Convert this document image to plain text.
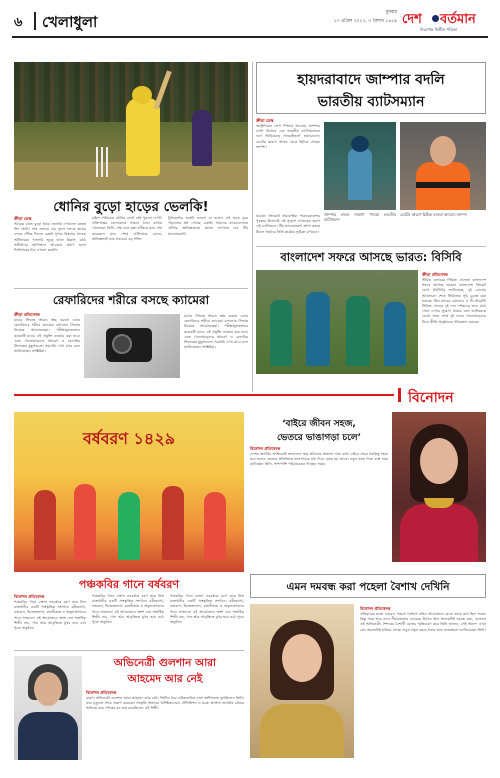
৬ খেলাধুলা
বুধবার
১৩ এপ্রিল ২০২২, ৩ বৈশাখ ১৪২৯ দেশ বর্তমান
নিরপেক্ষ নির্ভীক পত্রিকা
ধোনির বুড়ো হাড়ের ভেলকি!
ক্রীড়া ডেস্ক
আরেক রাতে বুড়ো হাড়ে ভেলকি দেখালেন মহেন্দ্র সিং ধোনি। শেষ ওভারে ঝড় তুলে দলকে জয়ের বন্দরে পৌঁছে দিলেন চেন্নাই সুপার কিংসের সাবেক অধিনায়ক। গ্যালারি জুড়ে তখন উল্লাস, মাঠে সতীর্থদের আলিঙ্গনে আবারও প্রমাণ হলো ফিনিশারের ধার এখনো কমেনি।
চল্লিশ পেরিয়েও ধোনির ব্যাটে সেই পুরনো দাপট। প্রতিপক্ষের বোলারদের সামনে ঠান্ডা মাথায় খেলেছেন তিনি, শেষ বলে ছক্কা হাঁকিয়ে ম্যাচ শেষ করেছেন। ম্যাচ শেষে অধিনায়ক বলেন, অভিজ্ঞতাই তার সবচেয়ে বড় শক্তি।
টুর্নামেন্টের শুরুটা ভালো না হলেও এই জয়ে ঘুরে দাঁড়ানোর স্বপ্ন দেখছে চেন্নাই। সামনের ম্যাচগুলোতে ধোনির অভিজ্ঞতাকে কাজে লাগাতে চায় টিম ম্যানেজমেন্ট।
রেফারিদের শরীরে বসছে ক্যামেরা
ক্রীড়া প্রতিবেদক
মাঠের সিদ্ধান্ত আরও স্বচ্ছ করতে এবার রেফারিদের শরীরে ক্যামেরা বসানোর সিদ্ধান্ত নিয়েছে আয়োজকরা। পরীক্ষামূলকভাবে কয়েকটি ম্যাচে এই প্রযুক্তি ব্যবহার করা হবে। এতে খেলোয়াড়দের আচরণ ও রেফারির সিদ্ধান্তের মুহূর্তগুলো সরাসরি দেখা যাবে বলে জানিয়েছেন সংশ্লিষ্টরা।
মাঠের সিদ্ধান্ত আরও স্বচ্ছ করতে এবার রেফারিদের শরীরে ক্যামেরা বসানোর সিদ্ধান্ত নিয়েছে আয়োজকরা। পরীক্ষামূলকভাবে কয়েকটি ম্যাচে এই প্রযুক্তি ব্যবহার করা হবে। এতে খেলোয়াড়দের আচরণ ও রেফারির সিদ্ধান্তের মুহূর্তগুলো সরাসরি দেখা যাবে বলে জানিয়েছেন সংশ্লিষ্টরা।
হায়দরাবাদে জাম্পার বদলি
ভারতীয় ব্যাটসম্যান
ক্রীড়া ডেস্ক
অস্ট্রেলিয়ান লেগ স্পিনার অ্যাডাম জাম্পার বদলি হিসেবে এক ভারতীয় ব্যাটসম্যানকে দলে ভিড়িয়েছে সানরাইজার্স হায়দরাবাদ। চোটের কারণে আসর থেকে ছিটকে গেছেন জাম্পা।
জাম্পার বদলে জায়গা পাওয়া ভারতীয় ব্যাটসম্যান
চোটের কারণে ছিটকে যাওয়া অ্যাডাম জাম্পা
ঘরোয়া ক্রিকেটে ধারাবাহিক পারফরম্যান্সের পুরস্কার হিসেবেই এই সুযোগ পেয়েছেন তরুণ এই ব্যাটসম্যান। টিম ম্যানেজমেন্ট আশা করছে মিডল অর্ডারে তিনি কার্যকর ভূমিকা রাখবেন।
বাংলাদেশ সফরে আসছে ভারত: বিসিবি
ক্রীড়া প্রতিবেদক
সীমিত ওভারের সিরিজ খেলতে বাংলাদেশ সফরে আসছে ভারত। বাংলাদেশ ক্রিকেট বোর্ড (বিসিবি) জানিয়েছে, দুই বোর্ডের আলোচনা শেষে সিরিজের সূচি চূড়ান্ত করা হয়েছে। তিন ম্যাচের ওয়ানডে ও টি-টোয়েন্টি সিরিজ খেলবে দুই দল। দর্শকদের জন্য মাঠে খেলা দেখার সুযোগ থাকবে বলে জানিয়েছে বোর্ড। সফর শেষে দুই দলের খেলোয়াড়দের নিয়ে প্রীতি অনুষ্ঠানের পরিকল্পনা রয়েছে।
বিনোদন
বর্ষবরণ ১৪২৯
পঞ্চকবির গানে বর্ষবরণ
বিনোদন প্রতিবেদক
পঞ্চকবির গানে বাংলা নববর্ষকে বরণ করে নিল রাজধানীর একটি সাংস্কৃতিক সংগঠন। রবীন্দ্রনাথ, নজরুল, দ্বিজেন্দ্রলাল, রজনীকান্ত ও অতুলপ্রসাদের গানে সাজানো এই আয়োজনে অংশ নেন শতাধিক শিল্পী। নাচ, গান আর আবৃত্তিতে মুখর হয়ে ওঠে পুরো অনুষ্ঠান।
পঞ্চকবির গানে বাংলা নববর্ষকে বরণ করে নিল রাজধানীর একটি সাংস্কৃতিক সংগঠন। রবীন্দ্রনাথ, নজরুল, দ্বিজেন্দ্রলাল, রজনীকান্ত ও অতুলপ্রসাদের গানে সাজানো এই আয়োজনে অংশ নেন শতাধিক শিল্পী। নাচ, গান আর আবৃত্তিতে মুখর হয়ে ওঠে পুরো অনুষ্ঠান।
পঞ্চকবির গানে বাংলা নববর্ষকে বরণ করে নিল রাজধানীর একটি সাংস্কৃতিক সংগঠন। রবীন্দ্রনাথ, নজরুল, দ্বিজেন্দ্রলাল, রজনীকান্ত ও অতুলপ্রসাদের গানে সাজানো এই আয়োজনে অংশ নেন শতাধিক শিল্পী। নাচ, গান আর আবৃত্তিতে মুখর হয়ে ওঠে পুরো অনুষ্ঠান।
‘বাইরে জীবন সহজ,
ভেতরে ভাঙাগড়া চলে’
বিনোদন প্রতিবেদক
দেশের জনপ্রিয় অভিনেত্রী জানালেন তার জীবনের অজানা নানা কথা। বাইরে থেকে সবকিছু সহজ মনে হলেও ভেতরে প্রতিনিয়ত ভাঙাগড়ার মধ্য দিয়ে যেতে হয় তাকে। নতুন কাজ নিয়ে ব্যস্ত সময় কাটাচ্ছেন তিনি, পাশাপাশি পরিবারকেও দিচ্ছেন সময়।
এমন দমবন্ধ করা পহেলা বৈশাখ দেখিনি
বিনোদন প্রতিবেদক
প্রতিবারের মতো এবারও পহেলা বৈশাখে রঙিন আয়োজনে মেতে ওঠার কথা ছিল সবার। কিন্তু গরম আর নানা সীমাবদ্ধতায় এবারের উৎসব ছিল অনেকটাই দমবন্ধ করা, বললেন এই অভিনেত্রী। শৈশবের বৈশাখী মেলার স্মৃতিচারণ করে তিনি জানান, সেই আনন্দ এখন যেন অনেকটাই হারিয়ে গেছে। তবুও নতুন বছরে সবার জন্য শুভকামনা জানিয়েছেন তিনি।
অভিনেত্রী গুলশান আরা
আহমেদ আর নেই
বিনোদন প্রতিবেদক
বরেণ্য অভিনেত্রী গুলশান আরা আহমেদ আর নেই। দীর্ঘদিন ধরে বার্ধক্যজনিত নানা জটিলতায় ভুগছিলেন তিনি। তার মৃত্যুতে শোক প্রকাশ করেছেন সংস্কৃতি অঙ্গনের বিশিষ্টজনেরা। টেলিভিশন ও মঞ্চে অসংখ্য জনপ্রিয় চরিত্রে অভিনয় করে দর্শকের মন জয় করেছিলেন এই শিল্পী।
